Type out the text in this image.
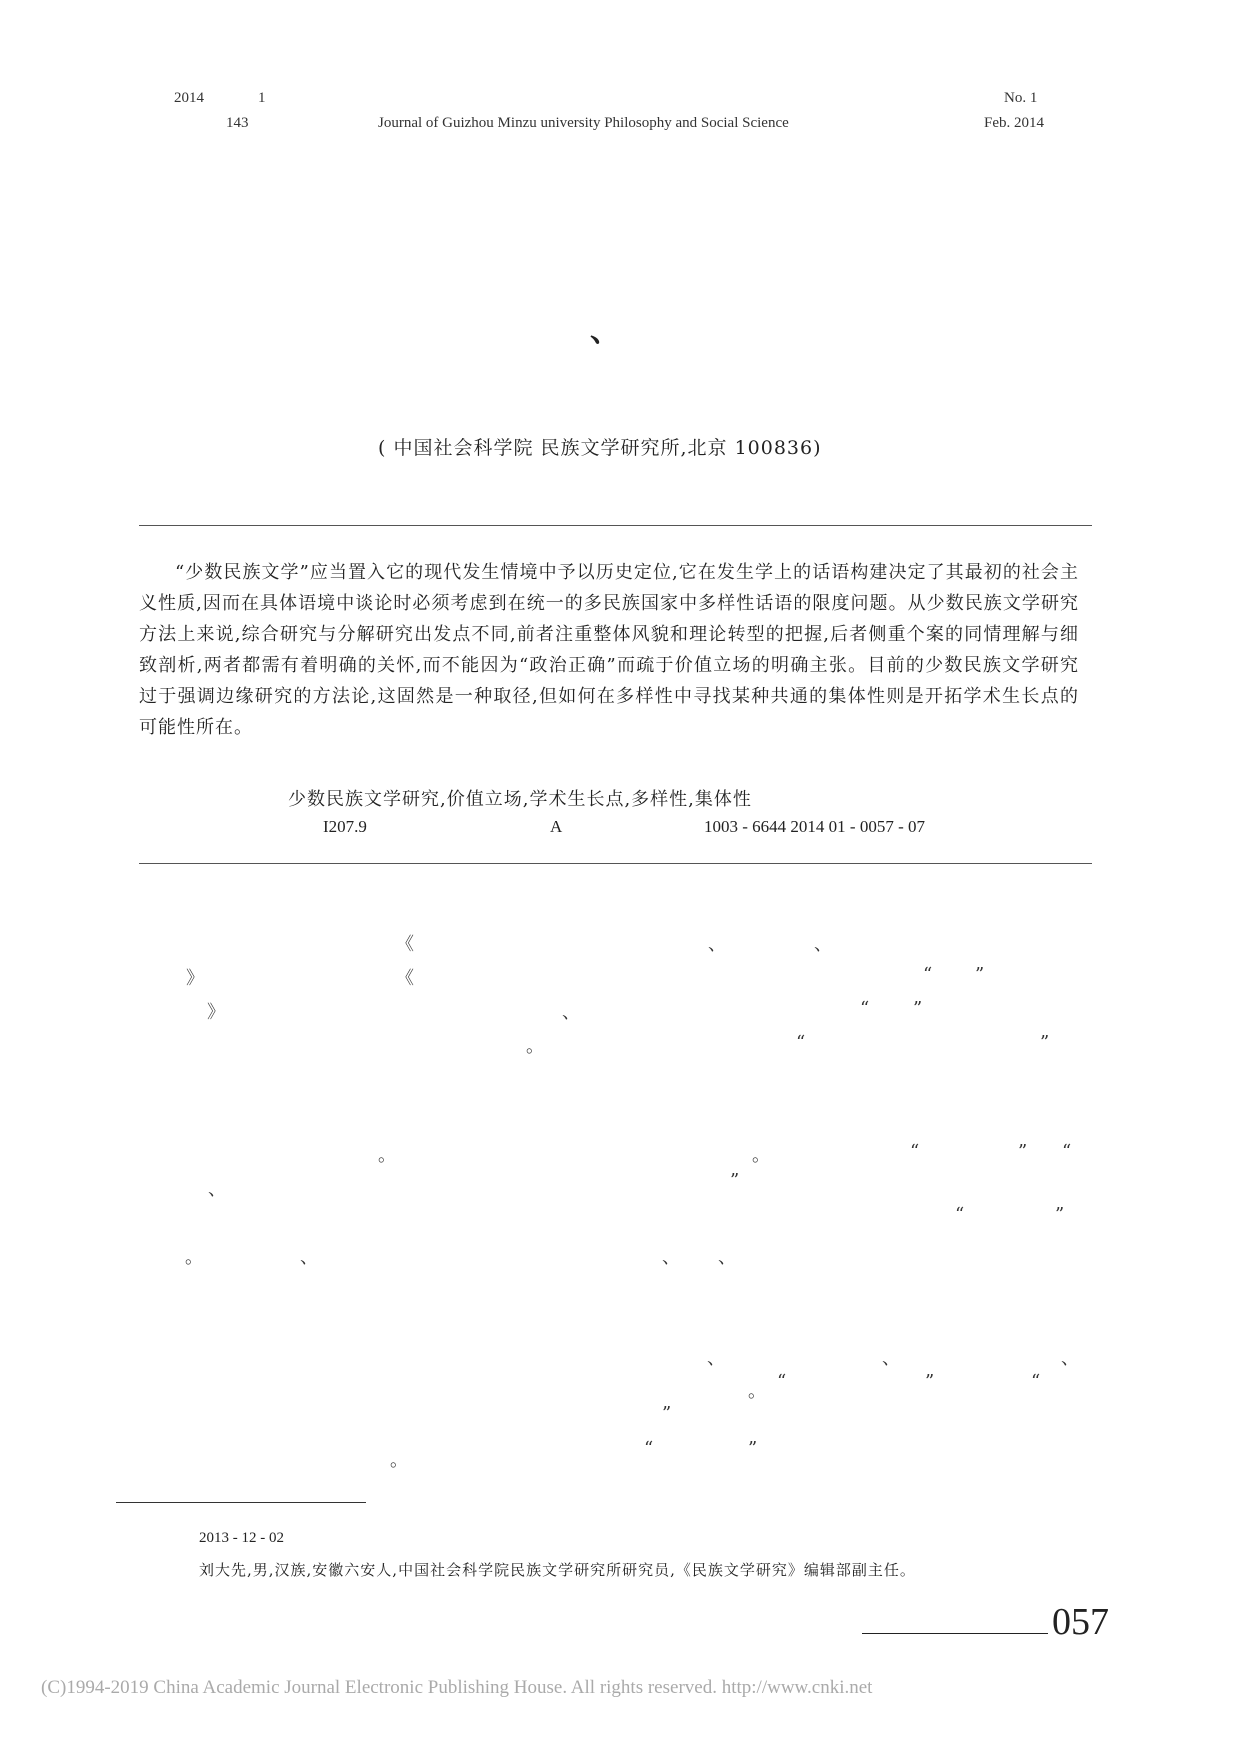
2014	1
143	Journal of Guizhou Minzu university Philosophy and Social Science
No. 1
Feb. 2014
、
( 中国社会科学院 民族文学研究所,北京 100836)

“少数民族文学”应当置入它的现代发生情境中予以历史定位,它在发生学上的话语构建决定了其最初的社会主义性质,因而在具体语境中谈论时必须考虑到在统一的多民族国家中多样性话语的限度问题。从少数民族文学研究方法上来说,综合研究与分解研究出发点不同,前者注重整体风貌和理论转型的把握,后者侧重个案的同情理解与细致剖析,两者都需有着明确的关怀,而不能因为“政治正确”而疏于价值立场的明确主张。目前的少数民族文学研究过于强调边缘研究的方法论,这固然是一种取径,但如何在多样性中寻找某种共通的集体性则是开拓学术生长点的可能性所在。

少数民族文学研究,价值立场,学术生长点,多样性,集体性
I207.9	A	1003 - 6644 2014 01 - 0057 - 07
《	、	、
》	《	“ ”
》	、	“ ”
。	“	”
。	。	“	” “
、	”
“	”
。	、	、 、
、	、	、
。 “	”	“
”
。
“	”
2013 - 12 - 02
刘大先,男,汉族,安徽六安人,中国社会科学院民族文学研究所研究员,《民族文学研究》编辑部副主任。
057
(C)1994-2019 China Academic Journal Electronic Publishing House. All rights reserved. http://www.cnki.net
